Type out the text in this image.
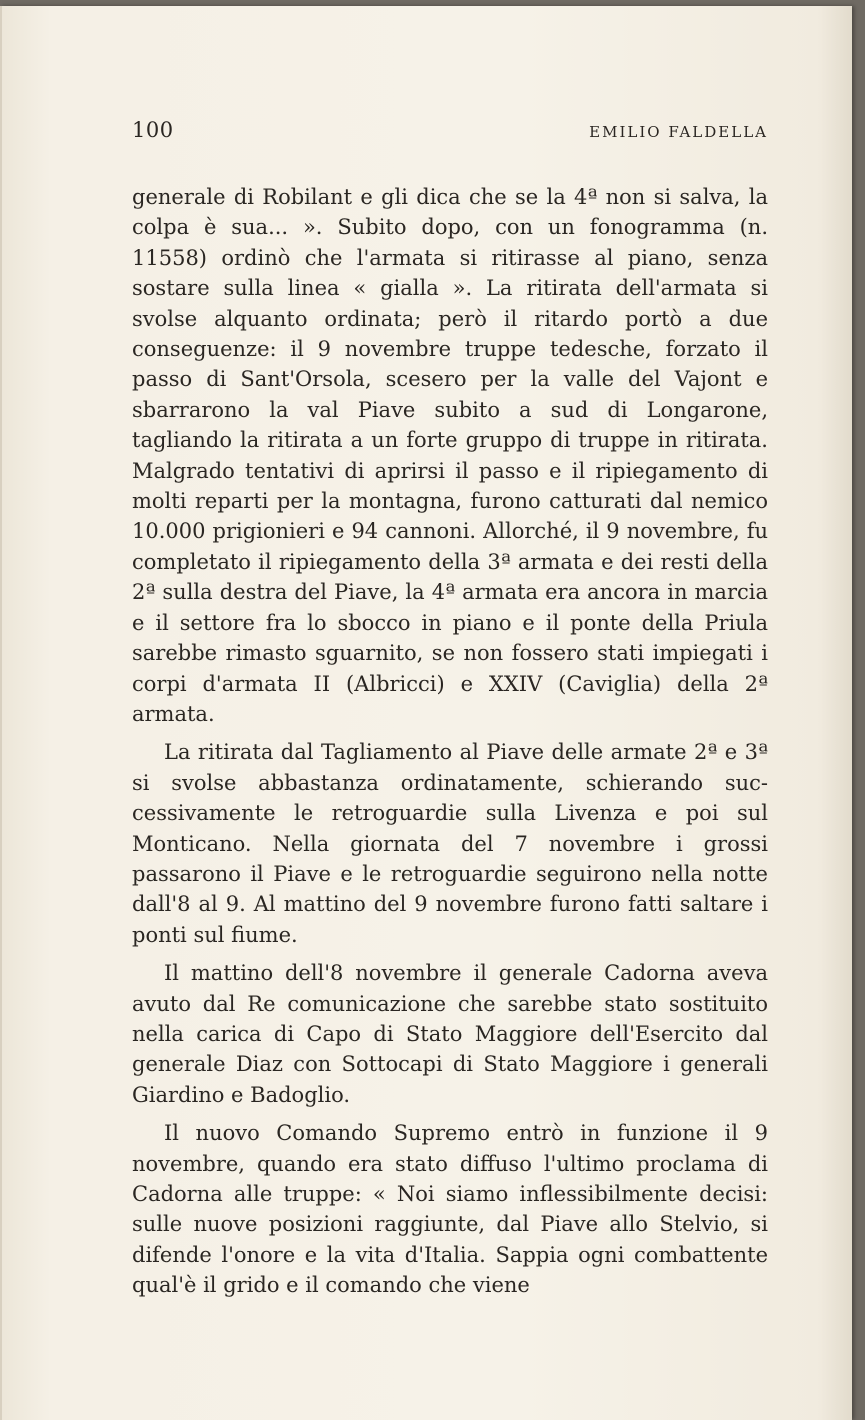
100	EMILIO FALDELLA

generale di Robilant e gli dica che se la 4ª non si salva, la colpa è sua... ». Subito dopo, con un fonogramma (n. 11558) ordinò che l'armata si ritirasse al piano, senza sostare sulla linea « gialla ». La ritirata dell'armata si svolse alquanto ordinata; però il ritardo portò a due conseguenze: il 9 novembre truppe tedesche, forzato il passo di Sant'Orsola, scesero per la valle del Vajont e sbarrarono la val Piave subito a sud di Longarone, tagliando la ritirata a un forte gruppo di truppe in ritirata. Malgrado tentativi di aprirsi il passo e il ripiegamento di molti reparti per la montagna, furono catturati dal nemico 10.000 prigionieri e 94 cannoni. Allorché, il 9 novembre, fu completato il ripiegamento della 3ª armata e dei resti della 2ª sulla destra del Piave, la 4ª armata era ancora in marcia e il settore fra lo sbocco in piano e il ponte della Priula sarebbe rimasto sguarnito, se non fossero stati impiegati i corpi d'armata II (Albricci) e XXIV (Caviglia) della 2ª armata.

La ritirata dal Tagliamento al Piave delle armate 2ª e 3ª si svolse abbastanza ordinatamente, schierando successivamente le retroguardie sulla Livenza e poi sul Monticano. Nella giornata del 7 novembre i grossi passarono il Piave e le retroguardie seguirono nella notte dall'8 al 9. Al mattino del 9 novembre furono fatti saltare i ponti sul fiume.

Il mattino dell'8 novembre il generale Cadorna aveva avuto dal Re comunicazione che sarebbe stato sostituito nella carica di Capo di Stato Maggiore dell'Esercito dal generale Diaz con Sottocapi di Stato Maggiore i generali Giardino e Badoglio.

Il nuovo Comando Supremo entrò in funzione il 9 novembre, quando era stato diffuso l'ultimo proclama di Cadorna alle truppe: « Noi siamo inflessibilmente decisi: sulle nuove posizioni raggiunte, dal Piave allo Stelvio, si difende l'onore e la vita d'Italia. Sappia ogni combattente qual'è il grido e il comando che viene
